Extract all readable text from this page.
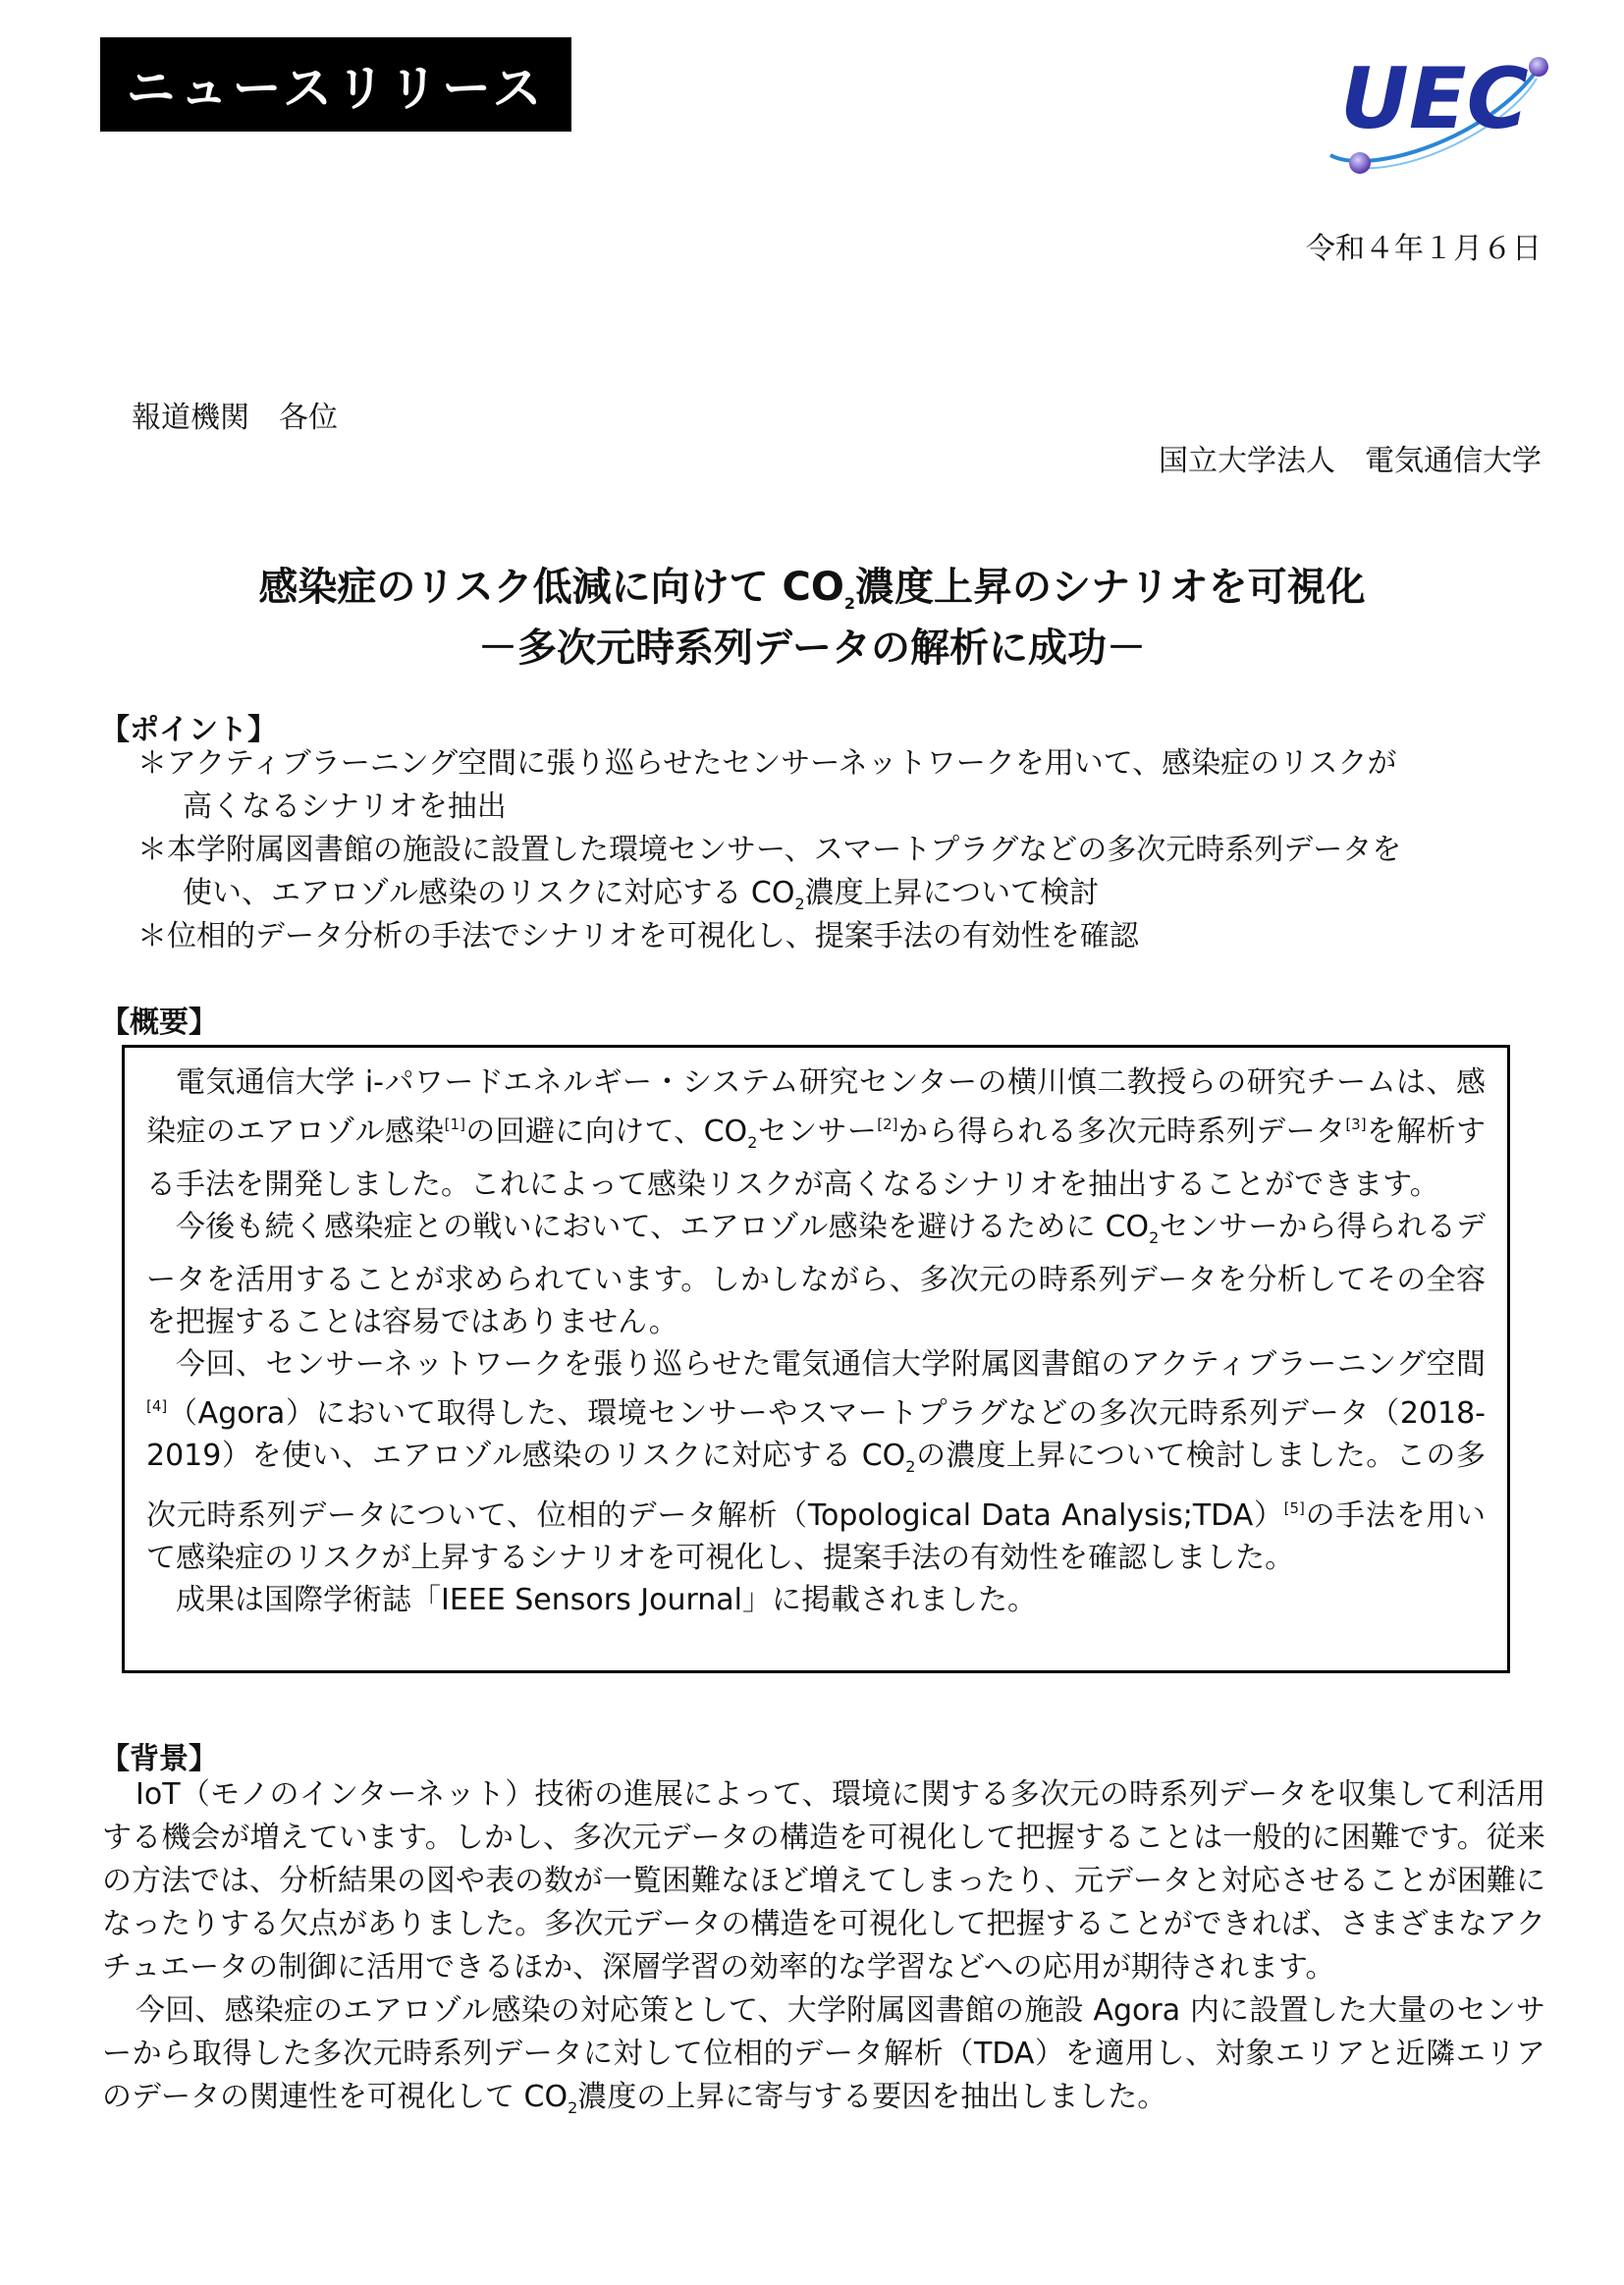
ニュースリリース	UEC
令和４年１月６日
報道機関　各位
国立大学法人　電気通信大学
感染症のリスク低減に向けて $CO_2$濃度上昇のシナリオを可視化
－多次元時系列データの解析に成功－
【ポイント】
＊アクティブラーニング空間に張り巡らせたセンサーネットワークを用いて、感染症のリスクが
高くなるシナリオを抽出
＊本学附属図書館の施設に設置した環境センサー、スマートプラグなどの多次元時系列データを
使い、エアロゾル感染のリスクに対応する $CO_2$濃度上昇について検討
＊位相的データ分析の手法でシナリオを可視化し、提案手法の有効性を確認
【概要】

電気通信大学 i-パワードエネルギー・システム研究センターの横川慎二教授らの研究チームは、感染症のエアロゾル感染[1]の回避に向けて、$CO_2$センサー[2]から得られる多次元時系列データ[3]を解析する手法を開発しました。これによって感染リスクが高くなるシナリオを抽出することができます。

今後も続く感染症との戦いにおいて、エアロゾル感染を避けるために $CO_2$センサーから得られるデータを活用することが求められています。しかしながら、多次元の時系列データを分析してその全容を把握することは容易ではありません。

今回、センサーネットワークを張り巡らせた電気通信大学附属図書館のアクティブラーニング空間[4]（Agora）において取得した、環境センサーやスマートプラグなどの多次元時系列データ（2018-2019）を使い、エアロゾル感染のリスクに対応する $CO_2$の濃度上昇について検討しました。この多次元時系列データについて、位相的データ解析（Topological Data Analysis;TDA）[5]の手法を用いて感染症のリスクが上昇するシナリオを可視化し、提案手法の有効性を確認しました。

成果は国際学術誌「IEEE Sensors Journal」に掲載されました。

【背景】

IoT（モノのインターネット）技術の進展によって、環境に関する多次元の時系列データを収集して利活用する機会が増えています。しかし、多次元データの構造を可視化して把握することは一般的に困難です。従来の方法では、分析結果の図や表の数が一覧困難なほど増えてしまったり、元データと対応させることが困難になったりする欠点がありました。多次元データの構造を可視化して把握することができれば、さまざまなアクチュエータの制御に活用できるほか、深層学習の効率的な学習などへの応用が期待されます。

今回、感染症のエアロゾル感染の対応策として、大学附属図書館の施設 Agora 内に設置した大量のセンサーから取得した多次元時系列データに対して位相的データ解析（TDA）を適用し、対象エリアと近隣エリアのデータの関連性を可視化して $CO_2$濃度の上昇に寄与する要因を抽出しました。
